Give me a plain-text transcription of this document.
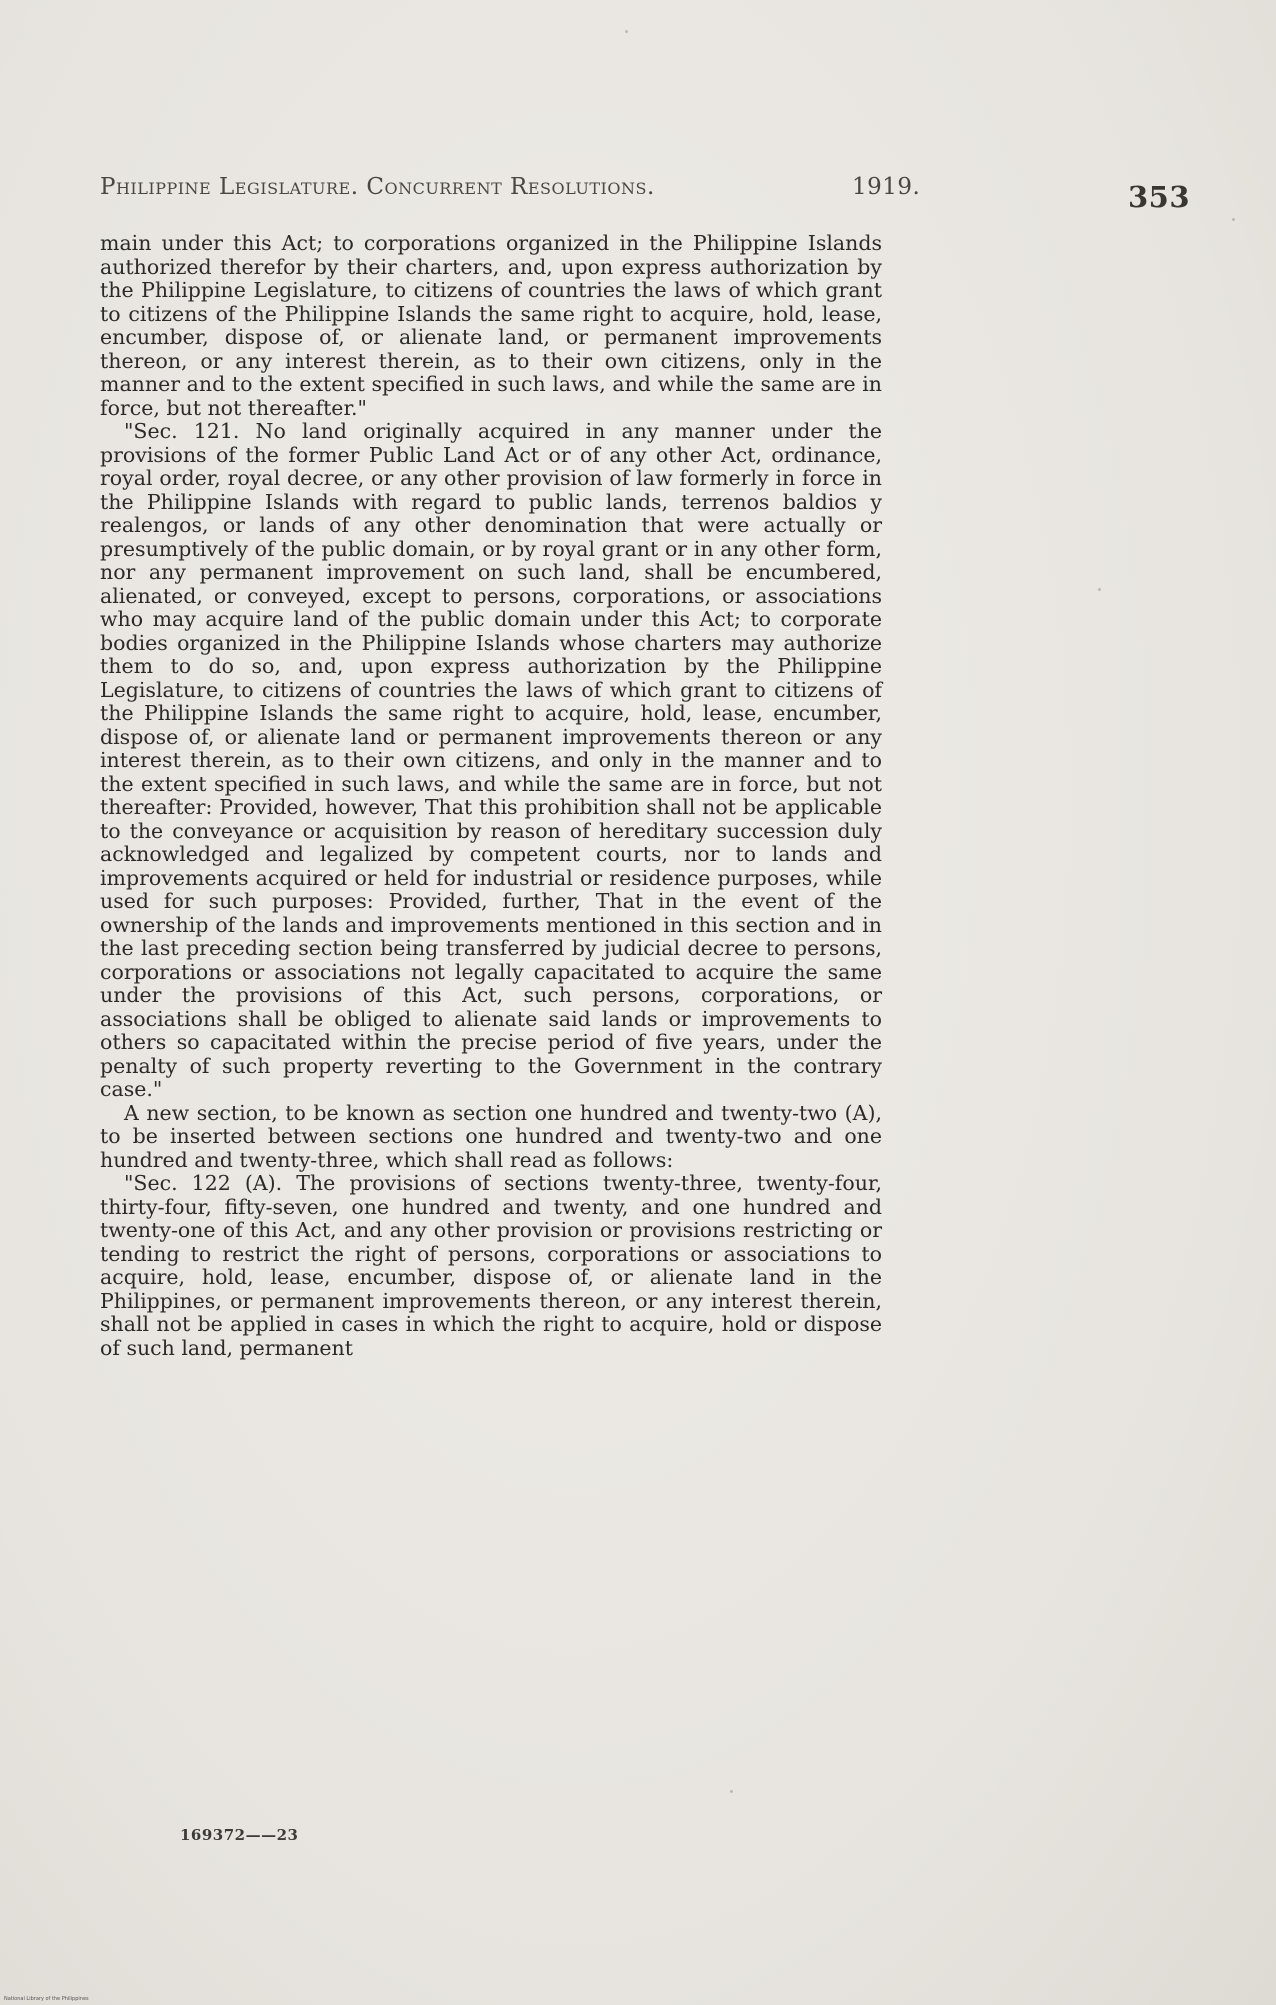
Philippine Legislature. Concurrent Resolutions.	1919.	353

main under this Act; to corporations organized in the Philippine Islands authorized therefor by their charters, and, upon express authorization by the Philippine Legislature, to citizens of countries the laws of which grant to citizens of the Philippine Islands the same right to acquire, hold, lease, encumber, dispose of, or alienate land, or permanent improvements thereon, or any interest therein, as to their own citizens, only in the manner and to the extent specified in such laws, and while the same are in force, but not thereafter."

"Sec. 121. No land originally acquired in any manner under the provisions of the former Public Land Act or of any other Act, ordinance, royal order, royal decree, or any other provision of law formerly in force in the Philippine Islands with regard to public lands, terrenos baldios y realengos, or lands of any other denomination that were actually or presumptively of the public domain, or by royal grant or in any other form, nor any permanent improvement on such land, shall be encumbered, alienated, or conveyed, except to persons, corporations, or associations who may acquire land of the public domain under this Act; to corporate bodies organized in the Philippine Islands whose charters may authorize them to do so, and, upon express authorization by the Philippine Legislature, to citizens of countries the laws of which grant to citizens of the Philippine Islands the same right to acquire, hold, lease, encumber, dispose of, or alienate land or permanent improvements thereon or any interest therein, as to their own citizens, and only in the manner and to the extent specified in such laws, and while the same are in force, but not thereafter: Provided, however, That this prohibition shall not be applicable to the conveyance or acquisition by reason of hereditary succession duly acknowledged and legalized by competent courts, nor to lands and improvements acquired or held for industrial or residence purposes, while used for such purposes: Provided, further, That in the event of the ownership of the lands and improvements mentioned in this section and in the last preceding section being transferred by judicial decree to persons, corporations or associations not legally capacitated to acquire the same under the provisions of this Act, such persons, corporations, or associations shall be obliged to alienate said lands or improvements to others so capacitated within the precise period of five years, under the penalty of such property reverting to the Government in the contrary case."

A new section, to be known as section one hundred and twenty-two (A), to be inserted between sections one hundred and twenty-two and one hundred and twenty-three, which shall read as follows:

"Sec. 122 (A). The provisions of sections twenty-three, twenty-four, thirty-four, fifty-seven, one hundred and twenty, and one hundred and twenty-one of this Act, and any other provision or provisions restricting or tending to restrict the right of persons, corporations or associations to acquire, hold, lease, encumber, dispose of, or alienate land in the Philippines, or permanent improvements thereon, or any interest therein, shall not be applied in cases in which the right to acquire, hold or dispose of such land, permanent

169372——23
National Library of the Philippines
